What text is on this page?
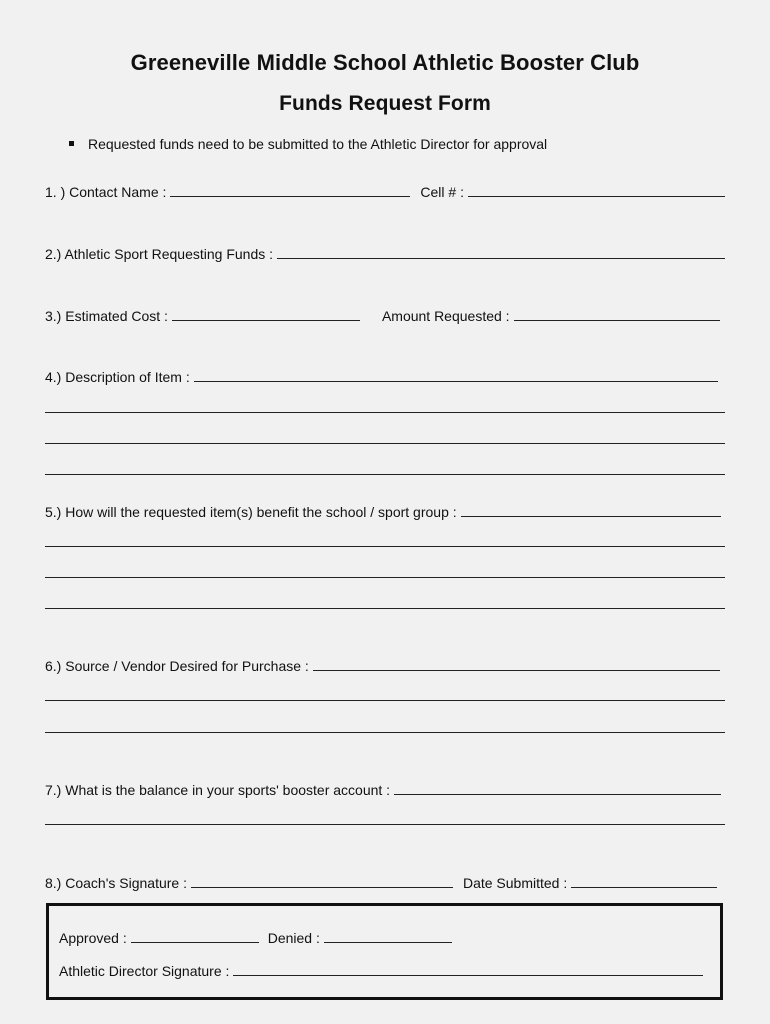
Greeneville Middle School Athletic Booster Club
Funds Request Form
Requested funds need to be submitted to the Athletic Director for approval
1. ) Contact Name :	Cell # :
2.) Athletic Sport Requesting Funds :
3.) Estimated Cost :	Amount Requested :
4.) Description of Item :
5.) How will the requested item(s) benefit the school / sport group :
6.) Source / Vendor Desired for Purchase :
7.) What is the balance in your sports' booster account :
8.) Coach's Signature :	Date Submitted :
Approved :	Denied :
Athletic Director Signature :
